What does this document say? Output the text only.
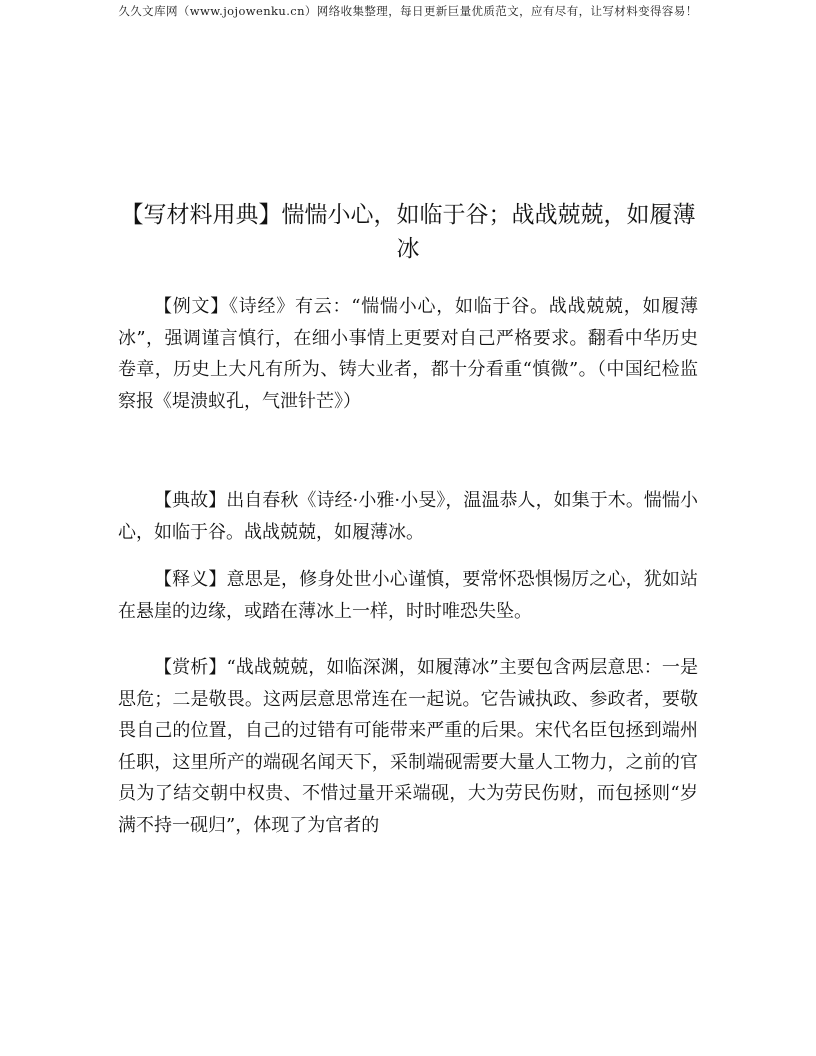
久久文库网（www.jojowenku.cn）网络收集整理，每日更新巨量优质范文，应有尽有，让写材料变得容易！
【写材料用典】惴惴小心，如临于谷；战战兢兢，如履薄冰

【例文】《诗经》有云：“惴惴小心，如临于谷。战战兢兢，如履薄冰”，强调谨言慎行，在细小事情上更要对自己严格要求。翻看中华历史卷章，历史上大凡有所为、铸大业者，都十分看重“慎微”。（中国纪检监察报《堤溃蚁孔，气泄针芒》）

【典故】出自春秋《诗经·小雅·小旻》，温温恭人，如集于木。惴惴小心，如临于谷。战战兢兢，如履薄冰。

【释义】意思是，修身处世小心谨慎，要常怀恐惧惕厉之心，犹如站在悬崖的边缘，或踏在薄冰上一样，时时唯恐失坠。

【赏析】“战战兢兢，如临深渊，如履薄冰”主要包含两层意思：一是思危；二是敬畏。这两层意思常连在一起说。它告诫执政、参政者，要敬畏自己的位置，自己的过错有可能带来严重的后果。宋代名臣包拯到端州任职，这里所产的端砚名闻天下，采制端砚需要大量人工物力，之前的官员为了结交朝中权贵、不惜过量开采端砚，大为劳民伤财，而包拯则“岁满不持一砚归”，体现了为官者的
